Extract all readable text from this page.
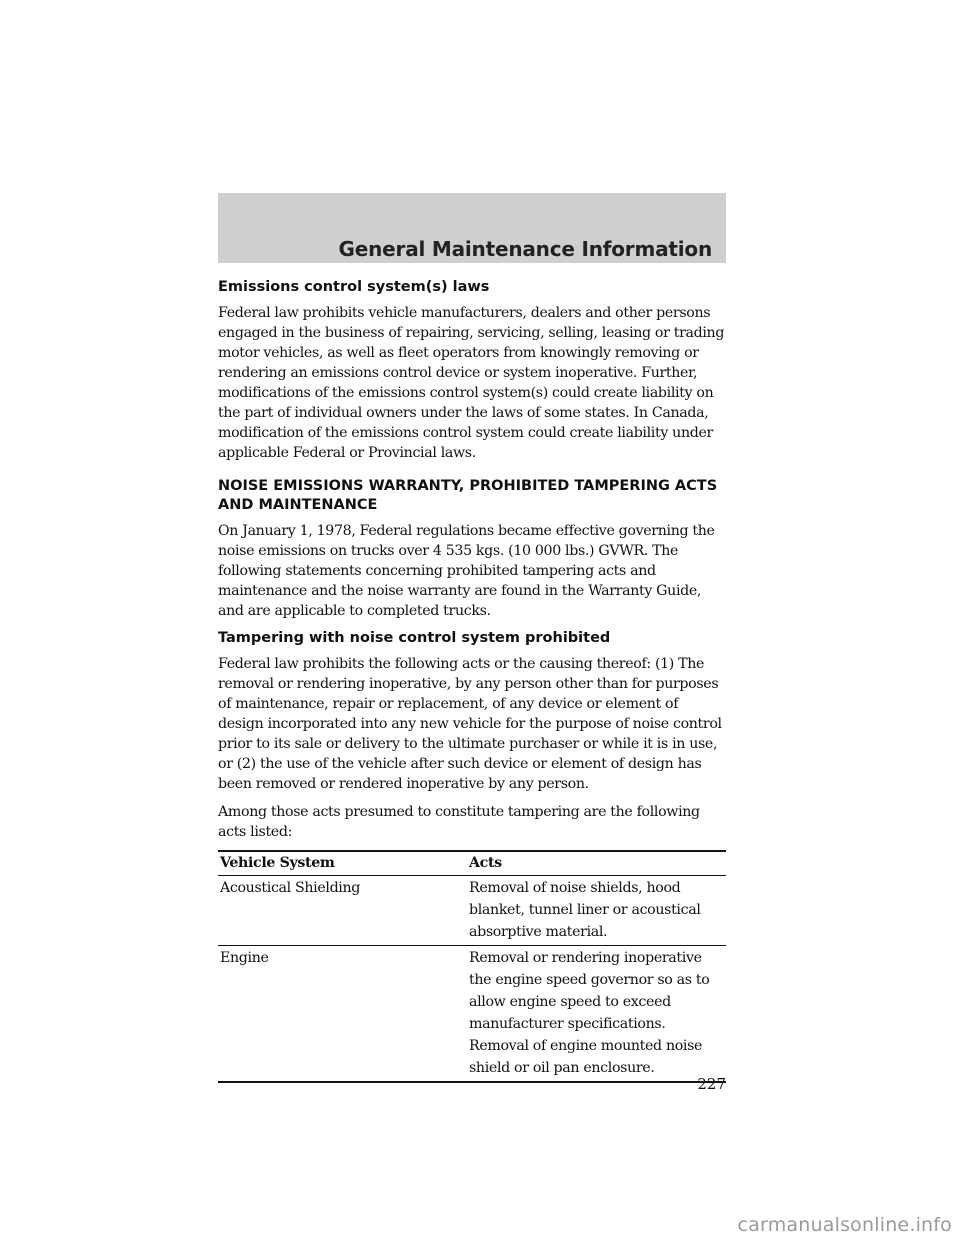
General Maintenance Information
Emissions control system(s) laws

Federal law prohibits vehicle manufacturers, dealers and other persons engaged in the business of repairing, servicing, selling, leasing or trading motor vehicles, as well as fleet operators from knowingly removing or rendering an emissions control device or system inoperative. Further, modifications of the emissions control system(s) could create liability on the part of individual owners under the laws of some states. In Canada, modification of the emissions control system could create liability under applicable Federal or Provincial laws.

NOISE EMISSIONS WARRANTY, PROHIBITED TAMPERING ACTS AND MAINTENANCE

On January 1, 1978, Federal regulations became effective governing the noise emissions on trucks over 4 535 kgs. (10 000 lbs.) GVWR. The following statements concerning prohibited tampering acts and maintenance and the noise warranty are found in the Warranty Guide, and are applicable to completed trucks.

Tampering with noise control system prohibited

Federal law prohibits the following acts or the causing thereof: (1) The removal or rendering inoperative, by any person other than for purposes of maintenance, repair or replacement, of any device or element of design incorporated into any new vehicle for the purpose of noise control prior to its sale or delivery to the ultimate purchaser or while it is in use, or (2) the use of the vehicle after such device or element of design has been removed or rendered inoperative by any person.

Among those acts presumed to constitute tampering are the following acts listed:

Vehicle System	Acts
Acoustical Shielding	Removal of noise shields, hood blanket, tunnel liner or acoustical absorptive material.

Engine	Removal or rendering inoperative the engine speed governor so as to allow engine speed to exceed manufacturer specifications.
Removal of engine mounted noise shield or oil pan enclosure.
227
carmanualsonline.info
